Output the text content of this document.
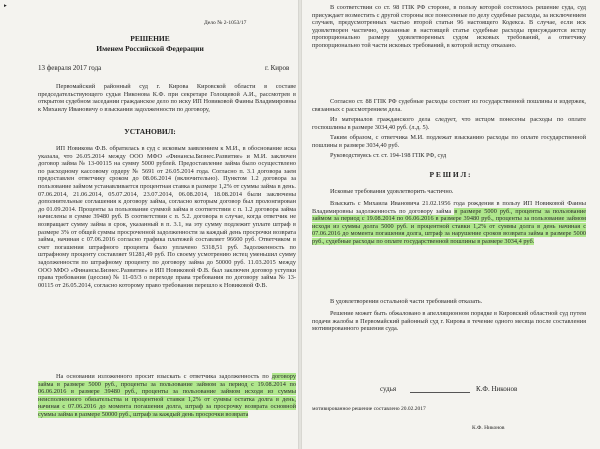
▸
Дело № 2-1053/17
РЕШЕНИЕ
Именем Российской Федерации
13 февраля 2017 года	г. Киров
Первомайский районный суд г. Кирова Кировской области в составе председательствующего судьи Никонова К.Ф. при секретаре Голощевой А.И., рассмотрев в открытом судебном заседании гражданское дело по иску ИП Новиковой Фаины Владимировны к Михаилу Ивановичу о взыскании задолженности по договору,
УСТАНОВИЛ:
ИП Новикова Ф.В. обратилась в суд с исковым заявлением к М.И., в обоснование иска указала, что 26.05.2014 между ООО МФО «Финансы.Бизнес.Развитие» и М.И. заключен договор займа № 13-00115 на сумму 5000 рублей. Предоставление займа было осуществлено по расходному кассовому ордеру № 5691 от 26.05.2014 года. Согласно п. 3.1 договора заем предоставлен ответчику сроком до 08.06.2014 (включительно). Пунктом 1.2 договора за пользование займом устанавливается процентная ставка в размере 1,2% от суммы займа в день. 07.06.2014, 21.06.2014, 05.07.2014, 23.07.2014, 06.08.2014, 18.08.2014 были заключены дополнительные соглашения к договору займа, согласно которым договор был пролонгирован до 01.09.2014. Проценты за пользование суммой займа в соответствии с п. 1.2 договора займа начислены в сумме 39480 руб. В соответствии с п. 5.2. договора в случае, когда ответчик не возвращает сумму займа в срок, указанный в п. 3.1, на эту сумму подлежит уплате штраф в размере 3% от общей суммы просроченной задолженности за каждый день просрочки возврата займа, начиная с 07.06.2016 согласно графика платежей составляет 96600 руб. Ответчиком в счет погашения штрафного процента было уплачено 5318,51 руб. Задолженность по штрафному проценту составляет 91281,49 руб. По своему усмотрению истец уменьшил сумму задолженности по штрафному проценту по договору займа до 50000 руб. 11.03.2015 между ООО МФО «Финансы.Бизнес.Развитие» и ИП Новиковой Ф.В. был заключен договор уступки права требования (цессии) № 11-03/3 о переходе права требования по договору займа № 13-00115 от 26.05.2014, согласно которому право требования перешло к Новиковой Ф.В.
На основании изложенного просит взыскать с ответчика задолженность по договору займа в размере 5000 руб., проценты за пользование займом за период с 19.08.2014 по 06.06.2016 в размере 39480 руб., проценты за пользование займом исходя из суммы неисполненного обязательства и процентной ставки 1,2% от суммы остатка долга в день, начиная с 07.06.2016 до момента погашения долга, штраф за просрочку возврата основной суммы займа в размере 50000 руб., штраф за каждый день просрочки возврата
В соответствии со ст. 98 ГПК РФ стороне, в пользу которой состоялось решение суда, суд присуждает возместить с другой стороны все понесенные по делу судебные расходы, за исключением случаев, предусмотренных частью второй статьи 96 настоящего Кодекса. В случае, если иск удовлетворен частично, указанные в настоящей статье судебные расходы присуждаются истцу пропорционально размеру удовлетворенных судом исковых требований, а ответчику пропорционально той части исковых требований, в которой истцу отказано.
Согласно ст. 88 ГПК РФ судебные расходы состоят из государственной пошлины и издержек, связанных с рассмотрением дела.
Из материалов гражданского дела следует, что истцом понесены расходы по оплате госпошлины в размере 3034,40 руб. (л.д. 5).
Таким образом, с ответчика М.И. подлежат взысканию расходы по оплате государственной пошлины в размере 3034,40 руб.
Руководствуясь ст. ст. 194-198 ГПК РФ, суд
Р Е Ш И Л :
Исковые требования удовлетворить частично.
Взыскать с Михаила Ивановича 21.02.1956 года рождения в пользу ИП Новиковой Фаины Владимировны задолженность по договору займа в размере 5000 руб., проценты за пользование займом за период с 19.08.2014 по 06.06.2016 в размере 39480 руб., проценты за пользование займом исходя из суммы долга 5000 руб. и процентной ставки 1,2% от суммы долга в день начиная с 07.06.2016 до момента погашения долга, штраф за нарушение сроков возврата займа в размере 5000 руб., судебные расходы по оплате государственной пошлины в размере 3034,4 руб.
В удовлетворении остальной части требований отказать.
Решение может быть обжаловано в апелляционном порядке в Кировский областной суд путем подачи жалобы в Первомайский районный суд г. Кирова в течение одного месяца после составления мотивированного решения суда.
судья	К.Ф. Никонов
мотивированное решение составлено 20.02.2017
К.Ф. Никонов
